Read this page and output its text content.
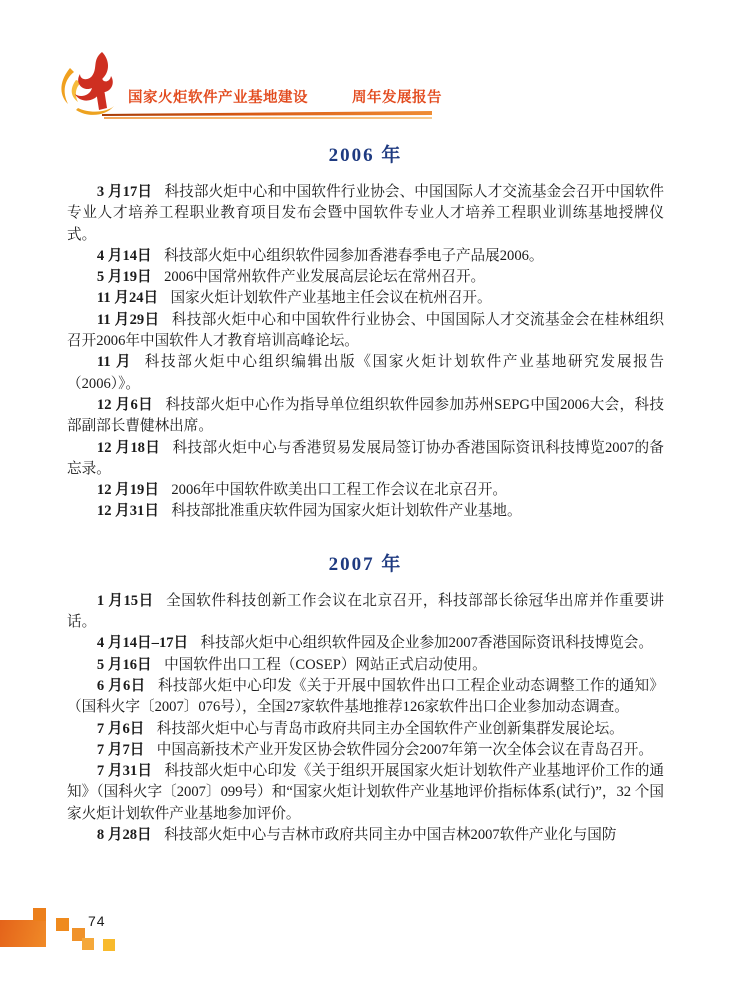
国家火炬软件产业基地建设 20 周年发展报告
2006 年

3 月17日 科技部火炬中心和中国软件行业协会、中国国际人才交流基金会召开中国软件专业人才培养工程职业教育项目发布会暨中国软件专业人才培养工程职业训练基地授牌仪式。

4 月14日 科技部火炬中心组织软件园参加香港春季电子产品展2006。

5 月19日 2006中国常州软件产业发展高层论坛在常州召开。

11 月24日 国家火炬计划软件产业基地主任会议在杭州召开。

11 月29日 科技部火炬中心和中国软件行业协会、中国国际人才交流基金会在桂林组织召开2006年中国软件人才教育培训高峰论坛。

11 月 科技部火炬中心组织编辑出版《国家火炬计划软件产业基地研究发展报告（2006）》。

12 月6日 科技部火炬中心作为指导单位组织软件园参加苏州SEPG中国2006大会，科技部副部长曹健林出席。

12 月18日 科技部火炬中心与香港贸易发展局签订协办香港国际资讯科技博览2007的备忘录。

12 月19日 2006年中国软件欧美出口工程工作会议在北京召开。

12 月31日 科技部批准重庆软件园为国家火炬计划软件产业基地。

2007 年

1 月15日 全国软件科技创新工作会议在北京召开，科技部部长徐冠华出席并作重要讲话。

4 月14日–17日 科技部火炬中心组织软件园及企业参加2007香港国际资讯科技博览会。

5 月16日 中国软件出口工程（COSEP）网站正式启动使用。

6 月6日 科技部火炬中心印发《关于开展中国软件出口工程企业动态调整工作的通知》（国科火字〔2007〕076号），全国27家软件基地推荐126家软件出口企业参加动态调查。

7 月6日 科技部火炬中心与青岛市政府共同主办全国软件产业创新集群发展论坛。

7 月7日 中国高新技术产业开发区协会软件园分会2007年第一次全体会议在青岛召开。

7 月31日 科技部火炬中心印发《关于组织开展国家火炬计划软件产业基地评价工作的通知》（国科火字〔2007〕099号）和“国家火炬计划软件产业基地评价指标体系(试行)”，32 个国家火炬计划软件产业基地参加评价。

8 月28日 科技部火炬中心与吉林市政府共同主办中国吉林2007软件产业化与国防

74
